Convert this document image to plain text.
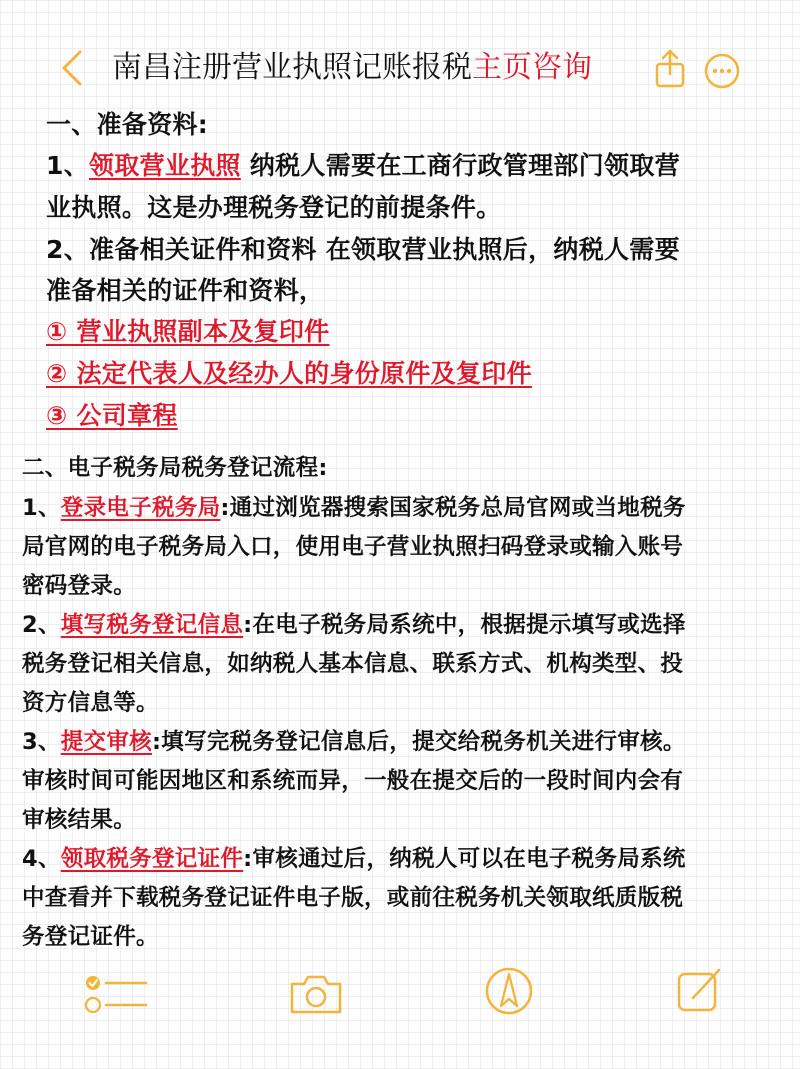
南昌注册营业执照记账报税主页咨询
一、准备资料:
1、领取营业执照 纳税人需要在工商行政管理部门领取营
业执照。这是办理税务登记的前提条件。
2、准备相关证件和资料 在领取营业执照后，纳税人需要
准备相关的证件和资料，
① 营业执照副本及复印件
② 法定代表人及经办人的身份原件及复印件
③ 公司章程
二、电子税务局税务登记流程:
1、登录电子税务局:通过浏览器搜索国家税务总局官网或当地税务
局官网的电子税务局入口，使用电子营业执照扫码登录或输入账号
密码登录。
2、填写税务登记信息:在电子税务局系统中，根据提示填写或选择
税务登记相关信息，如纳税人基本信息、联系方式、机构类型、投
资方信息等。
3、提交审核:填写完税务登记信息后，提交给税务机关进行审核。
审核时间可能因地区和系统而异，一般在提交后的一段时间内会有
审核结果。
4、领取税务登记证件:审核通过后，纳税人可以在电子税务局系统
中查看并下载税务登记证件电子版，或前往税务机关领取纸质版税
务登记证件。
